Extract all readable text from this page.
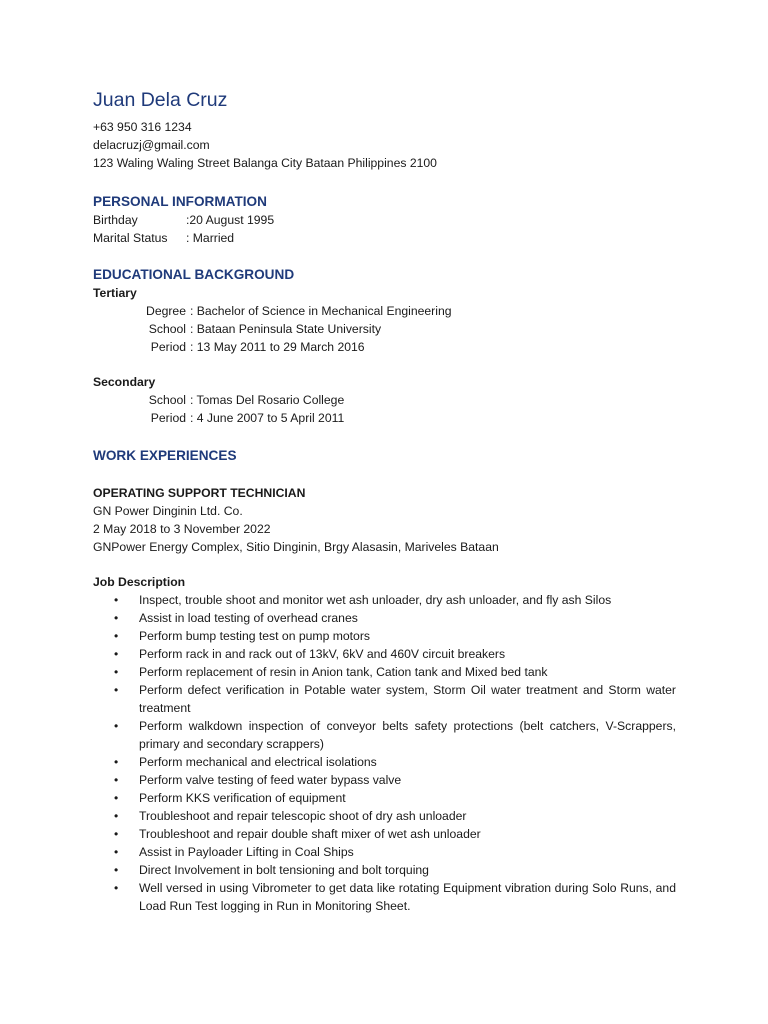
Juan Dela Cruz

+63 950 316 1234

delacruzj@gmail.com

123 Waling Waling Street Balanga City Bataan Philippines 2100

PERSONAL INFORMATION

Birthday	:20 August 1995
Marital Status	: Married

EDUCATIONAL BACKGROUND

Tertiary

Degree : Bachelor of Science in Mechanical Engineering
School : Bataan Peninsula State University
Period : 13 May 2011 to 29 March 2016

Secondary

School : Tomas Del Rosario College
Period : 4 June 2007 to 5 April 2011

WORK EXPERIENCES

OPERATING SUPPORT TECHNICIAN

GN Power Dinginin Ltd. Co.

2 May 2018 to 3 November 2022

GNPower Energy Complex, Sitio Dinginin, Brgy Alasasin, Mariveles Bataan

Job Description

• Inspect, trouble shoot and monitor wet ash unloader, dry ash unloader, and fly ash Silos
• Assist in load testing of overhead cranes
• Perform bump testing test on pump motors
• Perform rack in and rack out of 13kV, 6kV and 460V circuit breakers
• Perform replacement of resin in Anion tank, Cation tank and Mixed bed tank
• Perform defect verification in Potable water system, Storm Oil water treatment and Storm water treatment
• Perform walkdown inspection of conveyor belts safety protections (belt catchers, V-Scrappers, primary and secondary scrappers)
• Perform mechanical and electrical isolations
• Perform valve testing of feed water bypass valve
• Perform KKS verification of equipment
• Troubleshoot and repair telescopic shoot of dry ash unloader
• Troubleshoot and repair double shaft mixer of wet ash unloader
• Assist in Payloader Lifting in Coal Ships
• Direct Involvement in bolt tensioning and bolt torquing
• Well versed in using Vibrometer to get data like rotating Equipment vibration during Solo Runs, and Load Run Test logging in Run in Monitoring Sheet.
